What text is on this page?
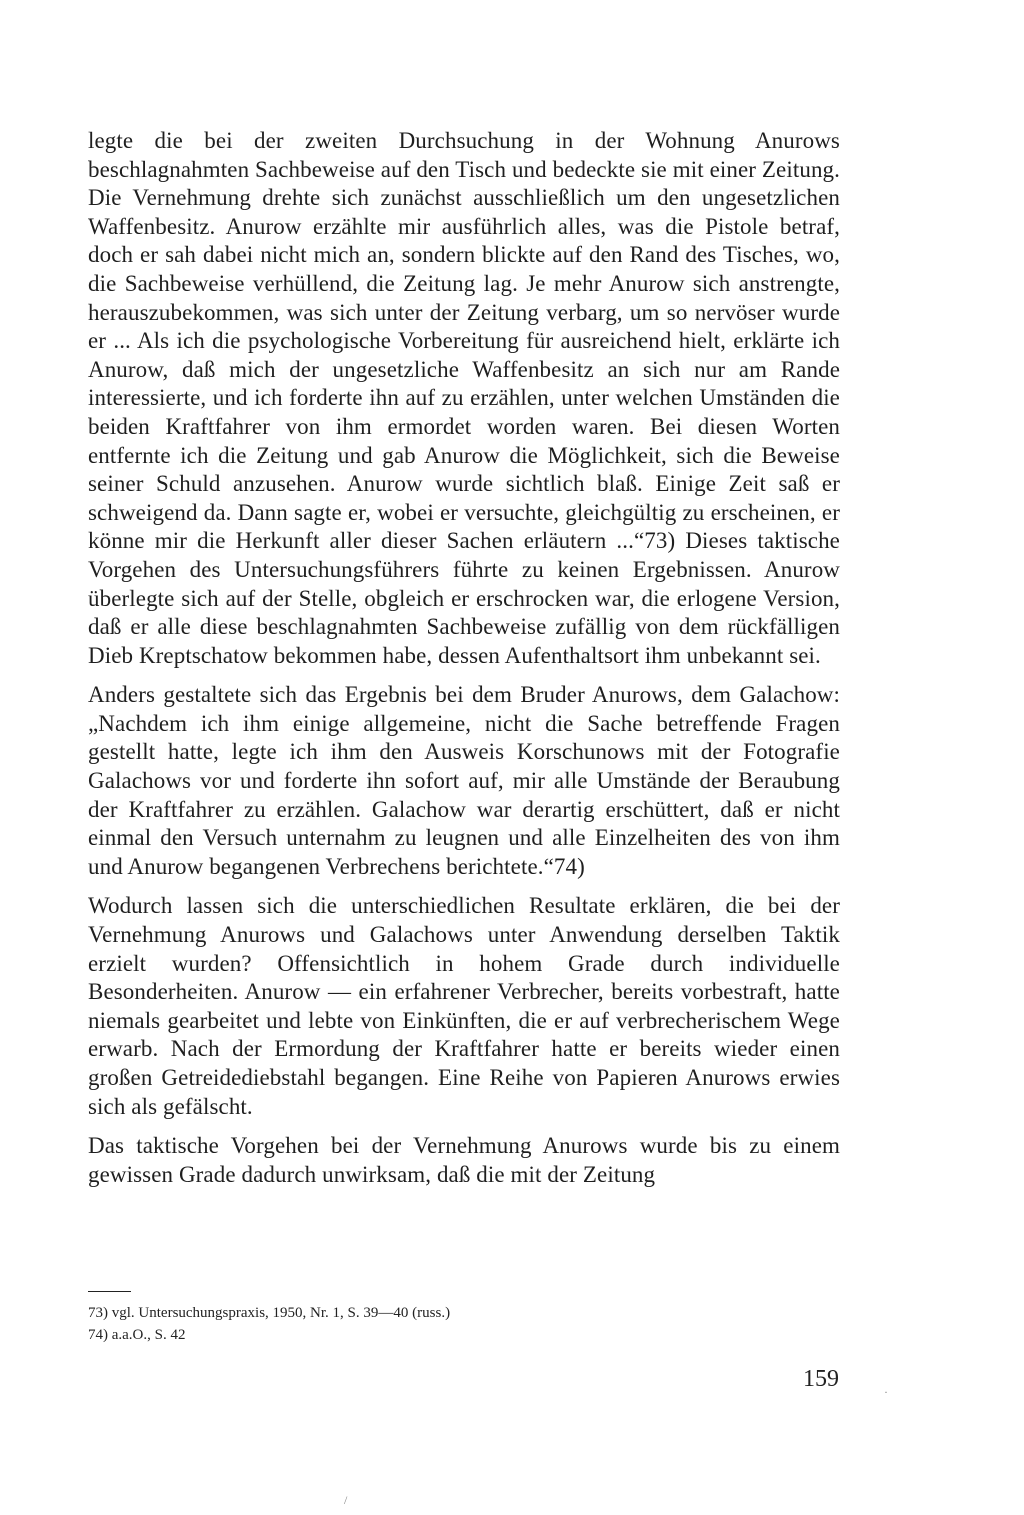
legte die bei der zweiten Durchsuchung in der Wohnung Anurows beschlagnahmten Sachbeweise auf den Tisch und bedeckte sie mit einer Zeitung. Die Vernehmung drehte sich zunächst ausschließlich um den ungesetzlichen Waffenbesitz. Anurow erzählte mir ausführlich alles, was die Pistole betraf, doch er sah dabei nicht mich an, sondern blickte auf den Rand des Tisches, wo, die Sachbeweise verhüllend, die Zeitung lag. Je mehr Anurow sich anstrengte, herauszubekommen, was sich unter der Zeitung verbarg, um so nervöser wurde er ... Als ich die psychologische Vorbereitung für ausreichend hielt, erklärte ich Anurow, daß mich der ungesetzliche Waffenbesitz an sich nur am Rande interessierte, und ich forderte ihn auf zu erzählen, unter welchen Umständen die beiden Kraftfahrer von ihm ermordet worden waren. Bei diesen Worten entfernte ich die Zeitung und gab Anurow die Möglichkeit, sich die Beweise seiner Schuld anzusehen. Anurow wurde sichtlich blaß. Einige Zeit saß er schweigend da. Dann sagte er, wobei er versuchte, gleichgültig zu erscheinen, er könne mir die Herkunft aller dieser Sachen erläutern ...“73) Dieses taktische Vorgehen des Untersuchungsführers führte zu keinen Ergebnissen. Anurow überlegte sich auf der Stelle, obgleich er erschrocken war, die erlogene Version, daß er alle diese beschlagnahmten Sachbeweise zufällig von dem rückfälligen Dieb Kreptschatow bekommen habe, dessen Aufenthaltsort ihm unbekannt sei.

Anders gestaltete sich das Ergebnis bei dem Bruder Anurows, dem Galachow: „Nachdem ich ihm einige allgemeine, nicht die Sache betreffende Fragen gestellt hatte, legte ich ihm den Ausweis Korschunows mit der Fotografie Galachows vor und forderte ihn sofort auf, mir alle Umstände der Beraubung der Kraftfahrer zu erzählen. Galachow war derartig erschüttert, daß er nicht einmal den Versuch unternahm zu leugnen und alle Einzelheiten des von ihm und Anurow begangenen Verbrechens berichtete.“74)

Wodurch lassen sich die unterschiedlichen Resultate erklären, die bei der Vernehmung Anurows und Galachows unter Anwendung derselben Taktik erzielt wurden? Offensichtlich in hohem Grade durch individuelle Besonderheiten. Anurow — ein erfahrener Verbrecher, bereits vorbestraft, hatte niemals gearbeitet und lebte von Einkünften, die er auf verbrecherischem Wege erwarb. Nach der Ermordung der Kraftfahrer hatte er bereits wieder einen großen Getreidediebstahl begangen. Eine Reihe von Papieren Anurows erwies sich als gefälscht.

Das taktische Vorgehen bei der Vernehmung Anurows wurde bis zu einem gewissen Grade dadurch unwirksam, daß die mit der Zeitung

73) vgl. Untersuchungspraxis, 1950, Nr. 1, S. 39—40 (russ.)

74) a.a.O., S. 42

159	·
/
